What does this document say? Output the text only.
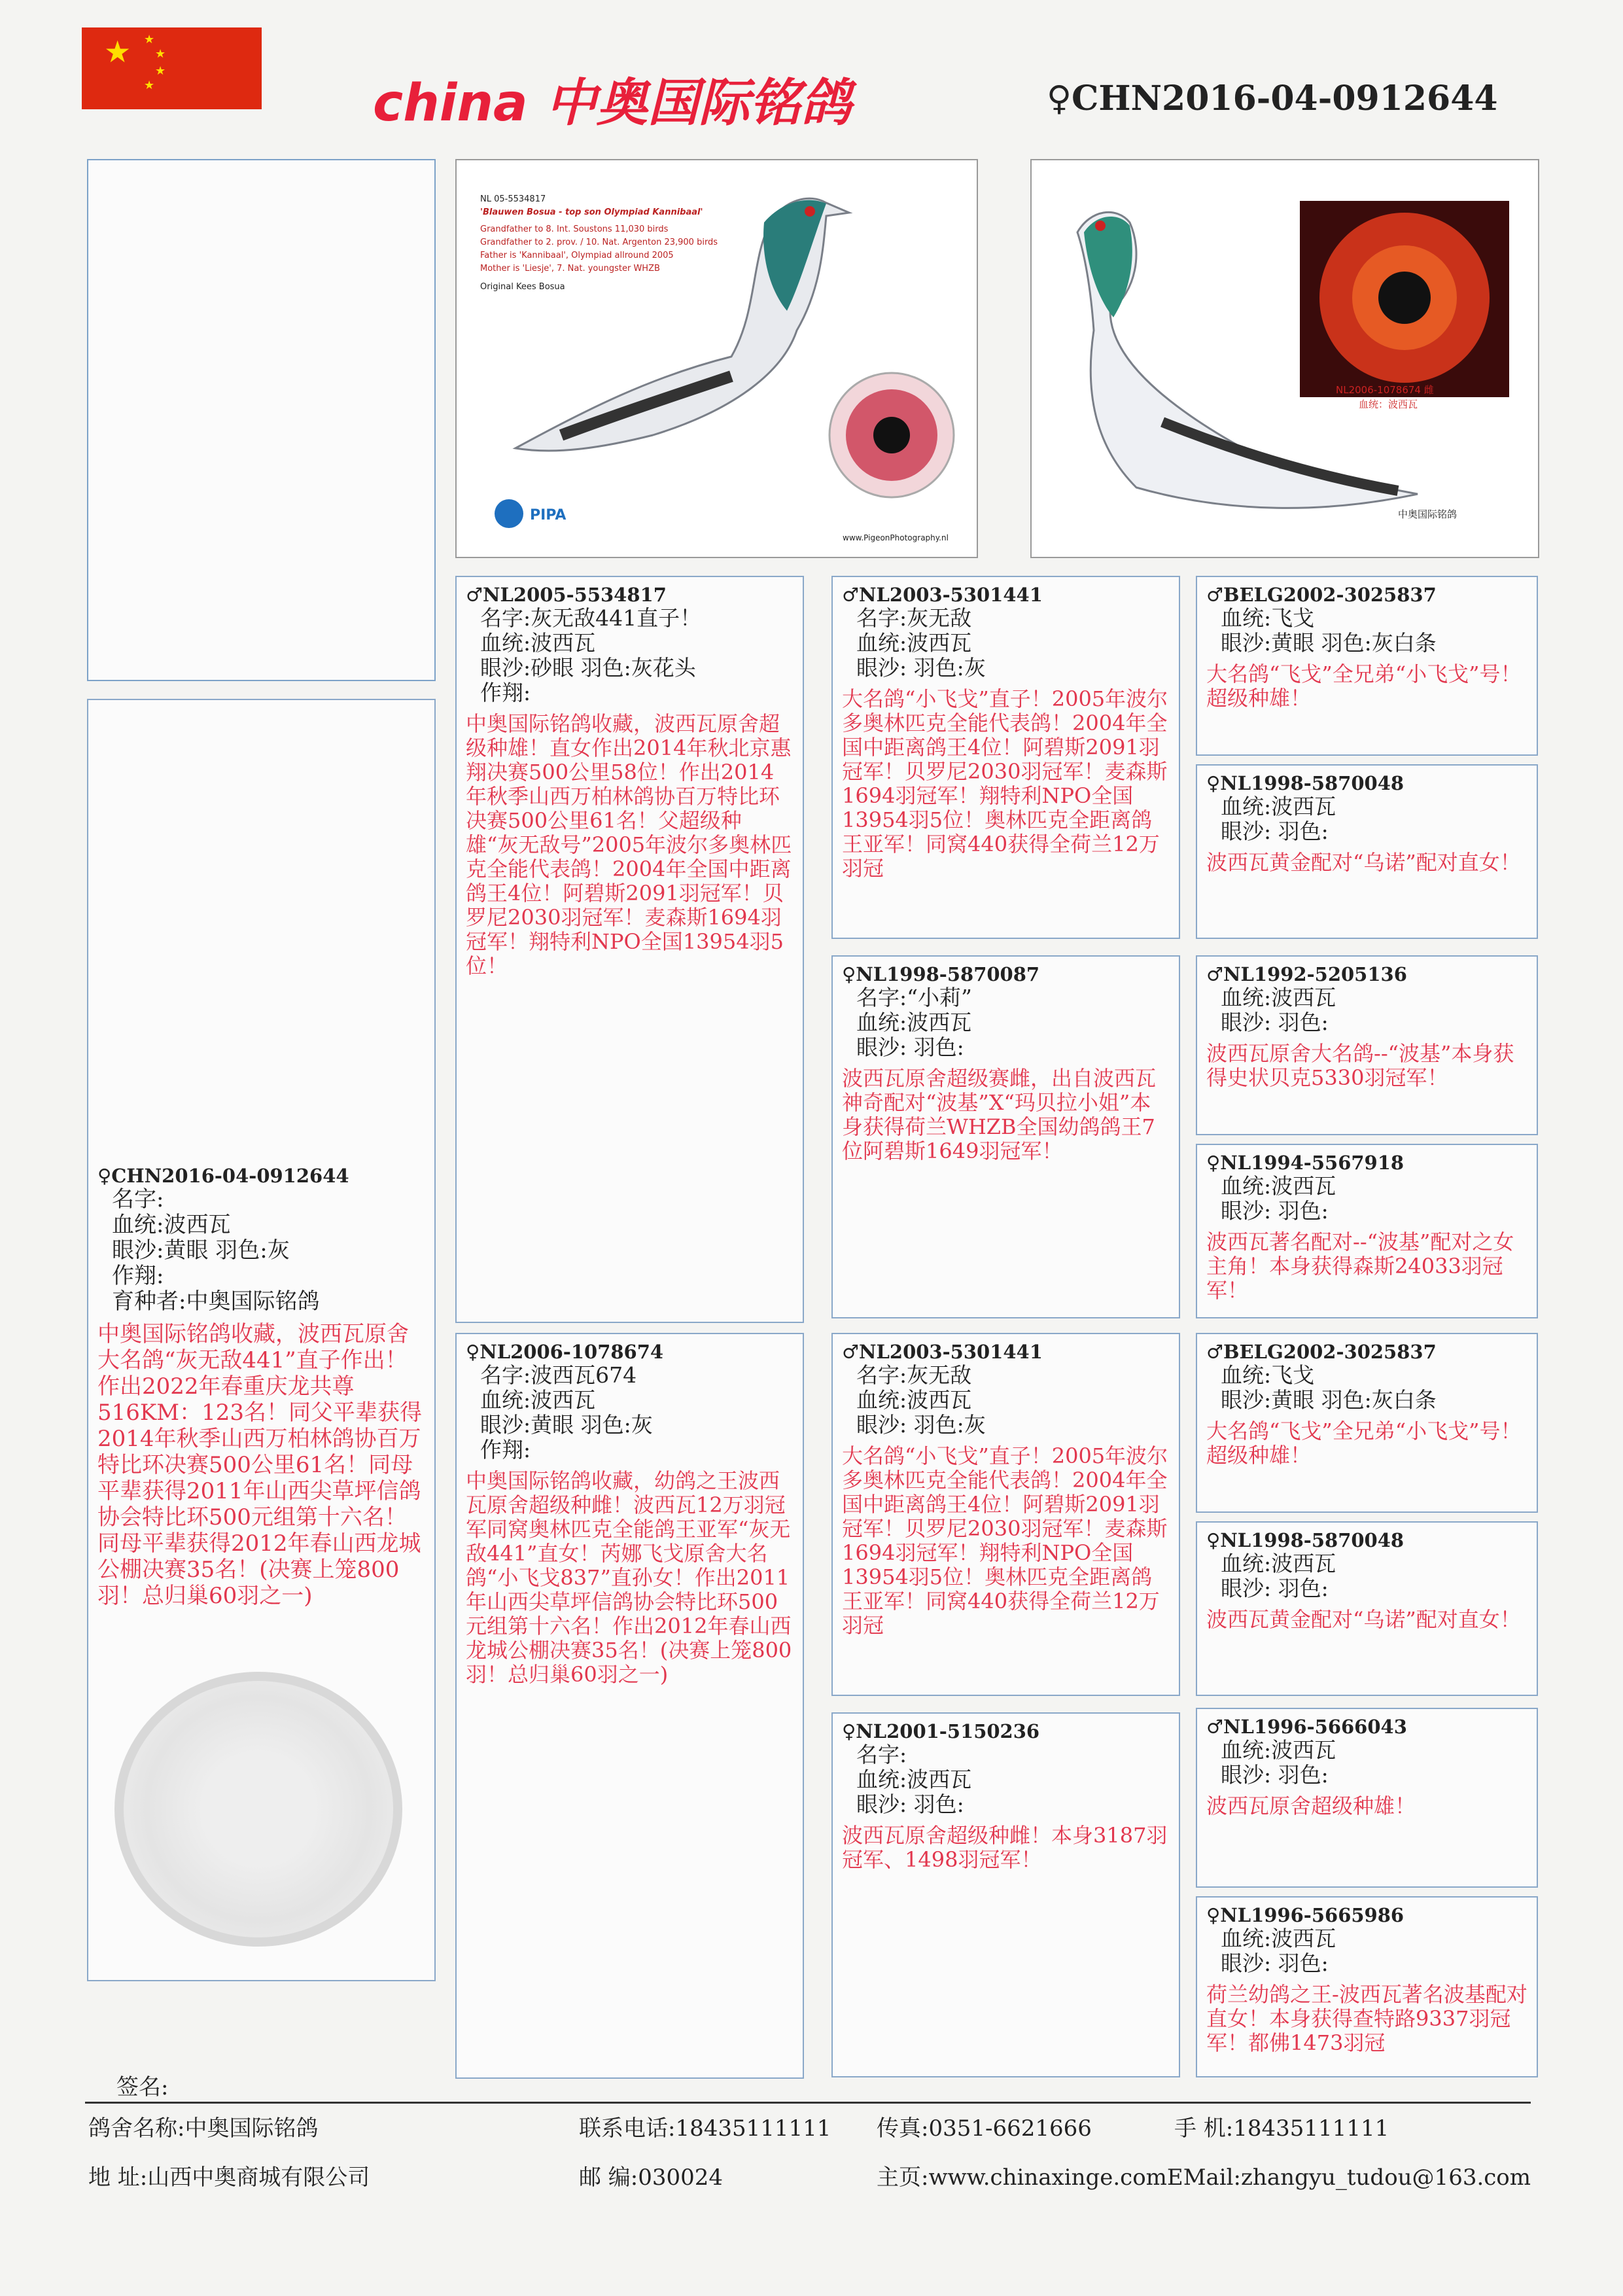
★ ★
★
★
★	china 中奥国际铭鸽	♀CHN2016-04-0912644
♀CHN2016-04-0912644
名字:
血统:波西瓦
眼沙:黄眼 羽色:灰
作翔:
育种者:中奥国际铭鸽
中奥国际铭鸽收藏，波西瓦原舍大名鸽“灰无敌441”直子作出！作出2022年春重庆龙共尊516KM：123名！同父平辈获得2014年秋季山西万柏林鸽协百万特比环决赛500公里61名！同母平辈获得2011年山西尖草坪信鸽协会特比环500元组第十六名！同母平辈获得2012年春山西龙城公棚决赛35名！(决赛上笼800羽！总归巢60羽之一)
NL 05-5534817
'Blauwen Bosua - top son Olympiad Kannibaal'
Grandfather to 8. Int. Soustons 11,030 birds
Grandfather to 2. prov. / 10. Nat. Argenton 23,900 birds
Father is 'Kannibaal', Olympiad allround 2005
Mother is 'Liesje', 7. Nat. youngster WHZB
Original Kees Bosua
PIPA
www.PigeonPhotography.nl
NL2006-1078674 雌
血统：波西瓦
中奥国际铭鸽
♂NL2005-5534817
名字:灰无敌441直子！
血统:波西瓦
眼沙:砂眼 羽色:灰花头
作翔:
中奥国际铭鸽收藏，波西瓦原舍超级种雄！直女作出2014年秋北京惠翔决赛500公里58位！作出2014年秋季山西万柏林鸽协百万特比环决赛500公里61名！父超级种雄“灰无敌号”2005年波尔多奥林匹克全能代表鸽！2004年全国中距离鸽王4位！阿碧斯2091羽冠军！贝罗尼2030羽冠军！麦森斯1694羽冠军！翔特利NPO全国13954羽5位！
♀NL2006-1078674
名字:波西瓦674
血统:波西瓦
眼沙:黄眼 羽色:灰
作翔:
中奥国际铭鸽收藏，幼鸽之王波西瓦原舍超级种雌！波西瓦12万羽冠军同窝奥林匹克全能鸽王亚军“灰无敌441”直女！芮娜飞戈原舍大名鸽“小飞戈837”直孙女！作出2011年山西尖草坪信鸽协会特比环500元组第十六名！作出2012年春山西龙城公棚决赛35名！(决赛上笼800羽！总归巢60羽之一)
♂NL2003-5301441
名字:灰无敌
血统:波西瓦
眼沙: 羽色:灰
大名鸽“小飞戈”直子！2005年波尔多奥林匹克全能代表鸽！2004年全国中距离鸽王4位！阿碧斯2091羽冠军！贝罗尼2030羽冠军！麦森斯1694羽冠军！翔特利NPO全国13954羽5位！奥林匹克全距离鸽王亚军！同窝440获得全荷兰12万羽冠
♀NL1998-5870087
名字:“小莉”
血统:波西瓦
眼沙: 羽色:
波西瓦原舍超级赛雌，出自波西瓦神奇配对“波基”X“玛贝拉小姐”本身获得荷兰WHZB全国幼鸽鸽王7位阿碧斯1649羽冠军！
♂NL2003-5301441
名字:灰无敌
血统:波西瓦
眼沙: 羽色:灰
大名鸽“小飞戈”直子！2005年波尔多奥林匹克全能代表鸽！2004年全国中距离鸽王4位！阿碧斯2091羽冠军！贝罗尼2030羽冠军！麦森斯1694羽冠军！翔特利NPO全国13954羽5位！奥林匹克全距离鸽王亚军！同窝440获得全荷兰12万羽冠
♀NL2001-5150236
名字:
血统:波西瓦
眼沙: 羽色:
波西瓦原舍超级种雌！本身3187羽冠军、1498羽冠军！
♂BELG2002-3025837
血统:飞戈
眼沙:黄眼 羽色:灰白条
大名鸽“飞戈”全兄弟“小飞戈”号！超级种雄！
♀NL1998-5870048
血统:波西瓦
眼沙: 羽色:
波西瓦黄金配对“乌诺”配对直女！
♂NL1992-5205136
血统:波西瓦
眼沙: 羽色:
波西瓦原舍大名鸽--“波基”本身获得史状贝克5330羽冠军！
♀NL1994-5567918
血统:波西瓦
眼沙: 羽色:
波西瓦著名配对--“波基”配对之女主角！本身获得森斯24033羽冠军！
♂BELG2002-3025837
血统:飞戈
眼沙:黄眼 羽色:灰白条
大名鸽“飞戈”全兄弟“小飞戈”号！超级种雄！
♀NL1998-5870048
血统:波西瓦
眼沙: 羽色:
波西瓦黄金配对“乌诺”配对直女！
♂NL1996-5666043
血统:波西瓦
眼沙: 羽色:
波西瓦原舍超级种雄！
♀NL1996-5665986
血统:波西瓦
眼沙: 羽色:
荷兰幼鸽之王-波西瓦著名波基配对直女！本身获得查特路9337羽冠军！都佛1473羽冠
签名:
鸽舍名称:中奥国际铭鸽	联系电话:18435111111 传真:0351-6621666	手 机:18435111111
地 址:山西中奥商城有限公司	邮 编:030024	主页:www.chinaxinge.comEMail:zhangyu_tudou@163.com
